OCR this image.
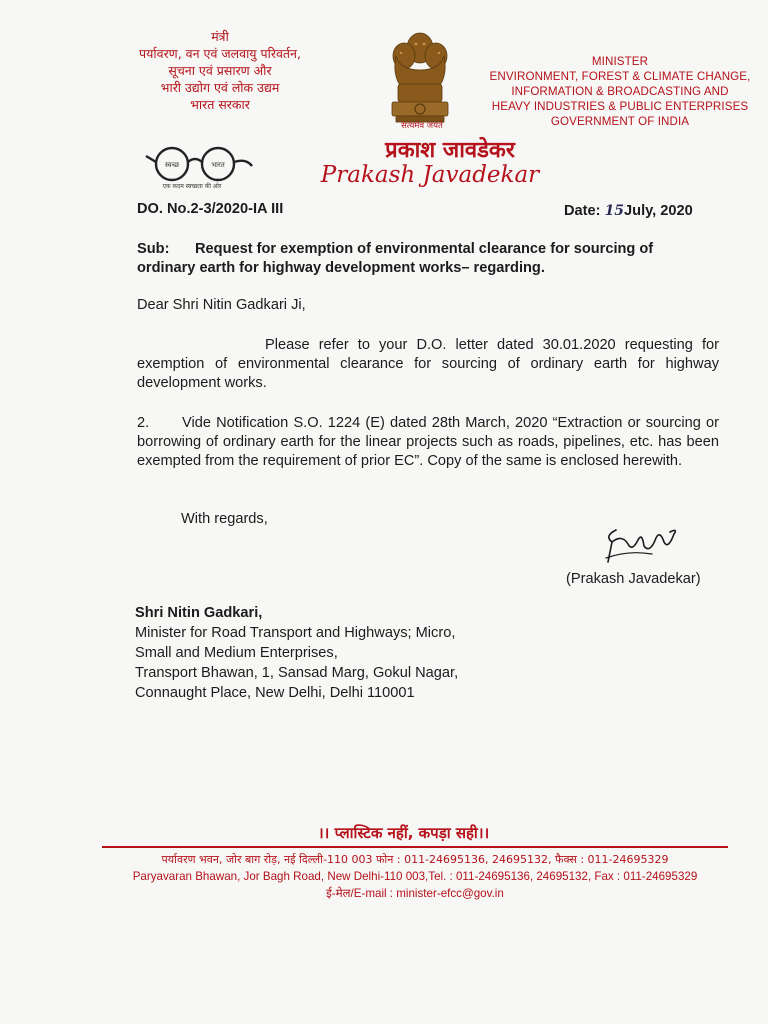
मंत्री
पर्यावरण, वन एवं जलवायु परिवर्तन,
सूचना एवं प्रसारण और
भारी उद्योग एवं लोक उद्यम
भारत सरकार
सत्यमेव जयते
MINISTER
ENVIRONMENT, FOREST & CLIMATE CHANGE,
INFORMATION & BROADCASTING AND
HEAVY INDUSTRIES & PUBLIC ENTERPRISES
GOVERNMENT OF INDIA
स्वच्छ	भारत
एक कदम स्वच्छता की ओर
प्रकाश जावडेकर
Prakash Javadekar
DO. No.2-3/2020-IA III	Date: 15July, 2020
Sub: Request for exemption of environmental clearance for sourcing of
ordinary earth for highway development works– regarding.
Dear Shri Nitin Gadkari Ji,
Please refer to your D.O. letter dated 30.01.2020 requesting for exemption of environmental clearance for sourcing of ordinary earth for highway development works.
2. Vide Notification S.O. 1224 (E) dated 28th March, 2020 “Extraction or sourcing or borrowing of ordinary earth for the linear projects such as roads, pipelines, etc. has been exempted from the requirement of prior EC”. Copy of the same is enclosed herewith.
With regards,
(Prakash Javadekar)
Shri Nitin Gadkari,
Minister for Road Transport and Highways; Micro,
Small and Medium Enterprises,
Transport Bhawan, 1, Sansad Marg, Gokul Nagar,
Connaught Place, New Delhi, Delhi 110001
।। प्लास्टिक नहीं, कपड़ा सही।।
पर्यावरण भवन, जोर बाग रोड़, नई दिल्ली-110 003 फोन : 011-24695136, 24695132, फैक्स : 011-24695329
Paryavaran Bhawan, Jor Bagh Road, New Delhi-110 003,Tel. : 011-24695136, 24695132, Fax : 011-24695329
ई-मेल/E-mail : minister-efcc@gov.in
